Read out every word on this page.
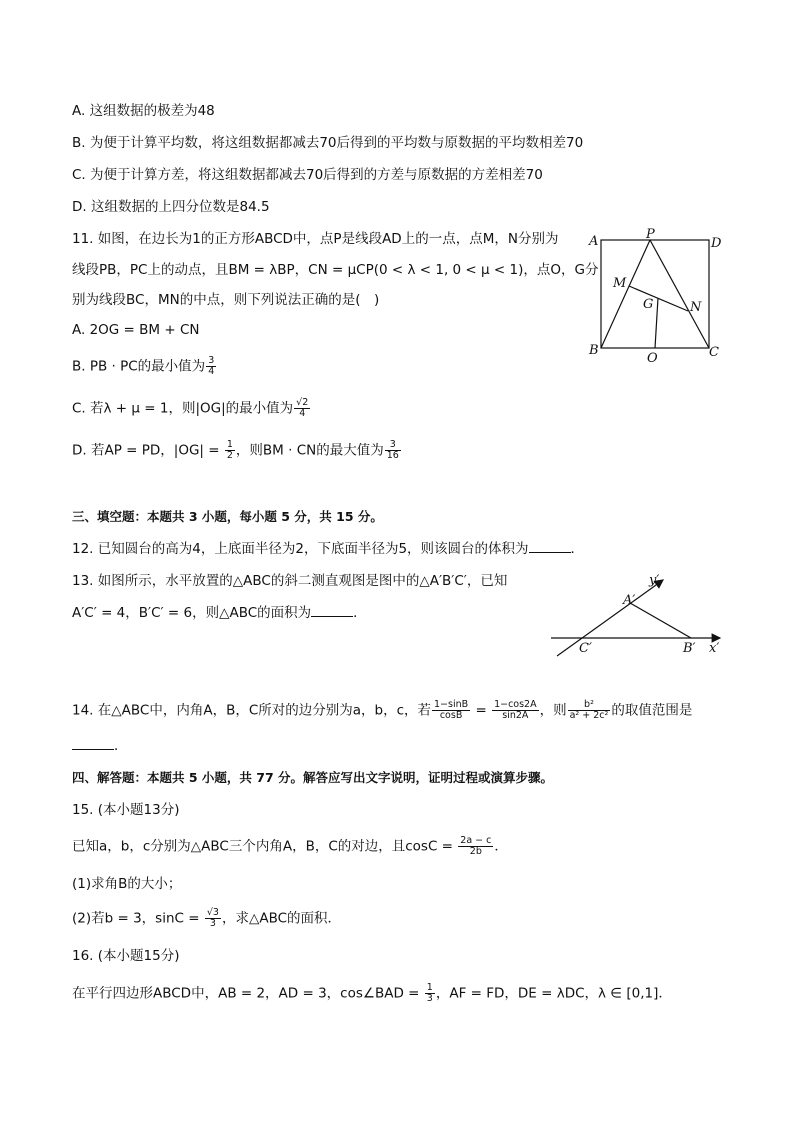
A. 这组数据的极差为48
B. 为便于计算平均数，将这组数据都减去70后得到的平均数与原数据的平均数相差70
C. 为便于计算方差，将这组数据都减去70后得到的方差与原数据的方差相差70
D. 这组数据的上四分位数是84.5
11. 如图，在边长为1的正方形ABCD中，点P是线段AD上的一点，点M，N分别为
线段PB，PC上的动点，且BM = λBP，CN = μCP(0 < λ < 1, 0 < μ < 1)，点O，G分
别为线段BC，MN的中点，则下列说法正确的是(　)
A. 2OG = BM + CN
B. PB · PC的最小值为 $\frac{3}{4}$
C. 若λ + μ = 1，则|OG|的最小值为 $\frac{√2}{4}$
D. 若AP = PD，$|OG| = \frac{1}{2}$ ，则BM · CN的最大值为 $\frac{3}{16}$
A	P
D
M
G	N
B
O	C
三、填空题：本题共 3 小题，每小题 5 分，共 15 分。
12. 已知圆台的高为4，上底面半径为2，下底面半径为5，则该圆台的体积为	．
13. 如图所示，水平放置的△ABC的斜二测直观图是图中的△A′B′C′，已知
A′C′ = 4，B′C′ = 6，则△ABC的面积为	．
y′
A′
C′	B′ x′
14. 在△ABC中，内角A，B，C所对的边分别为a，b，c，若 $\frac{1-\sin B}{\cos B} = \frac{1-\cos 2A}{\sin 2A}$ ，则 $\frac{\text{b²}}{\text{a² + 2c²}}$ 的取值范围是
．
四、解答题：本题共 5 小题，共 77 分。解答应写出文字说明，证明过程或演算步骤。
15. (本小题13分)
已知a，b，c分别为△ABC三个内角A，B，C的对边，且$\cos C = \frac{2a - c}{2b}$ ．
(1)求角B的大小；
(2)若b = 3，$\sin C = \frac{√3}{3}$ ，求△ABC的面积．
16. (本小题15分)
在平行四边形ABCD中，AB = 2，AD = 3，cos∠BAD = $\frac{1}{3}$ ，AF = FD，DE = λDC，λ ∈ [0,1]．
